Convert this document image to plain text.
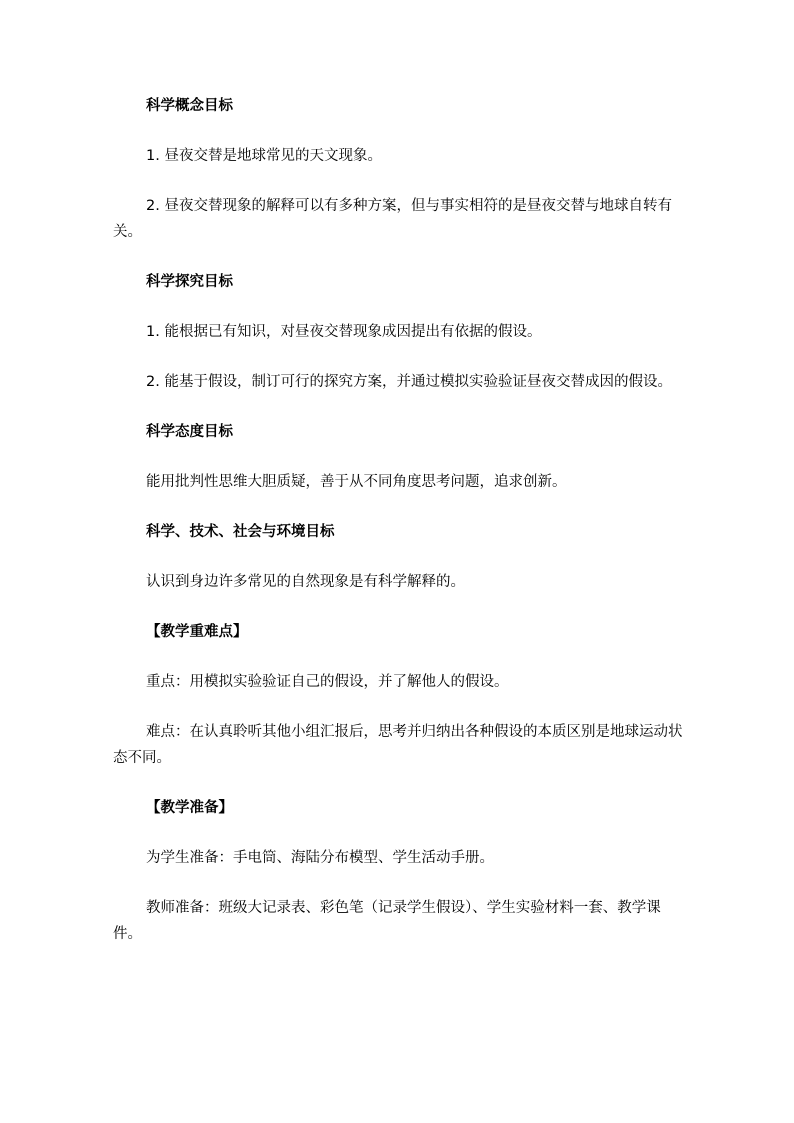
科学概念目标

1. 昼夜交替是地球常见的天文现象。

2. 昼夜交替现象的解释可以有多种方案，但与事实相符的是昼夜交替与地球自转有关。

科学探究目标

1. 能根据已有知识，对昼夜交替现象成因提出有依据的假设。

2. 能基于假设，制订可行的探究方案，并通过模拟实验验证昼夜交替成因的假设。

科学态度目标

能用批判性思维大胆质疑，善于从不同角度思考问题，追求创新。

科学、技术、社会与环境目标

认识到身边许多常见的自然现象是有科学解释的。

【教学重难点】

重点：用模拟实验验证自己的假设，并了解他人的假设。

难点：在认真聆听其他小组汇报后，思考并归纳出各种假设的本质区别是地球运动状态不同。

【教学准备】

为学生准备：手电筒、海陆分布模型、学生活动手册。

教师准备：班级大记录表、彩色笔（记录学生假设）、学生实验材料一套、教学课件。
